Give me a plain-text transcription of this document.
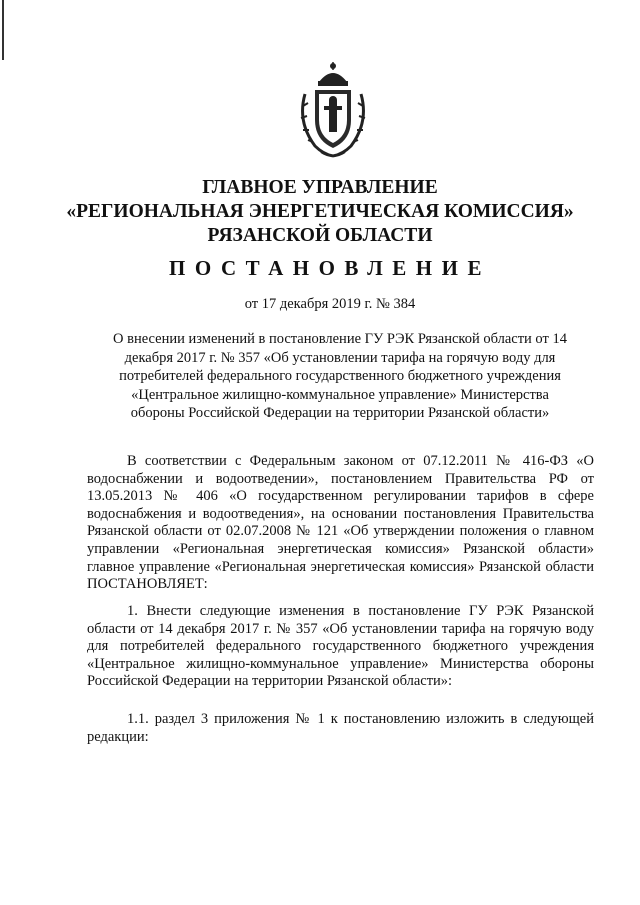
ГЛАВНОЕ УПРАВЛЕНИЕ
«РЕГИОНАЛЬНАЯ ЭНЕРГЕТИЧЕСКАЯ КОМИССИЯ»
РЯЗАНСКОЙ ОБЛАСТИ
ПОСТАНОВЛЕНИЕ
от 17 декабря 2019 г. № 384
О внесении изменений в постановление ГУ РЭК Рязанской области от 14 декабря 2017 г. № 357 «Об установлении тарифа на горячую воду для потребителей федерального государственного бюджетного учреждения «Центральное жилищно-коммунальное управление» Министерства обороны Российской Федерации на территории Рязанской области»

В соответствии с Федеральным законом от 07.12.2011 № 416-ФЗ «О водоснабжении и водоотведении», постановлением Правительства РФ от 13.05.2013 № 406 «О государственном регулировании тарифов в сфере водоснабжения и водоотведения», на основании постановления Правительства Рязанской области от 02.07.2008 № 121 «Об утверждении положения о главном управлении «Региональная энергетическая комиссия» Рязанской области» главное управление «Региональная энергетическая комиссия» Рязанской области ПОСТАНОВЛЯЕТ:

1. Внести следующие изменения в постановление ГУ РЭК Рязанской области от 14 декабря 2017 г. № 357 «Об установлении тарифа на горячую воду для потребителей федерального государственного бюджетного учреждения «Центральное жилищно-коммунальное управление» Министерства обороны Российской Федерации на территории Рязанской области»:

1.1. раздел 3 приложения № 1 к постановлению изложить в следующей редакции:
